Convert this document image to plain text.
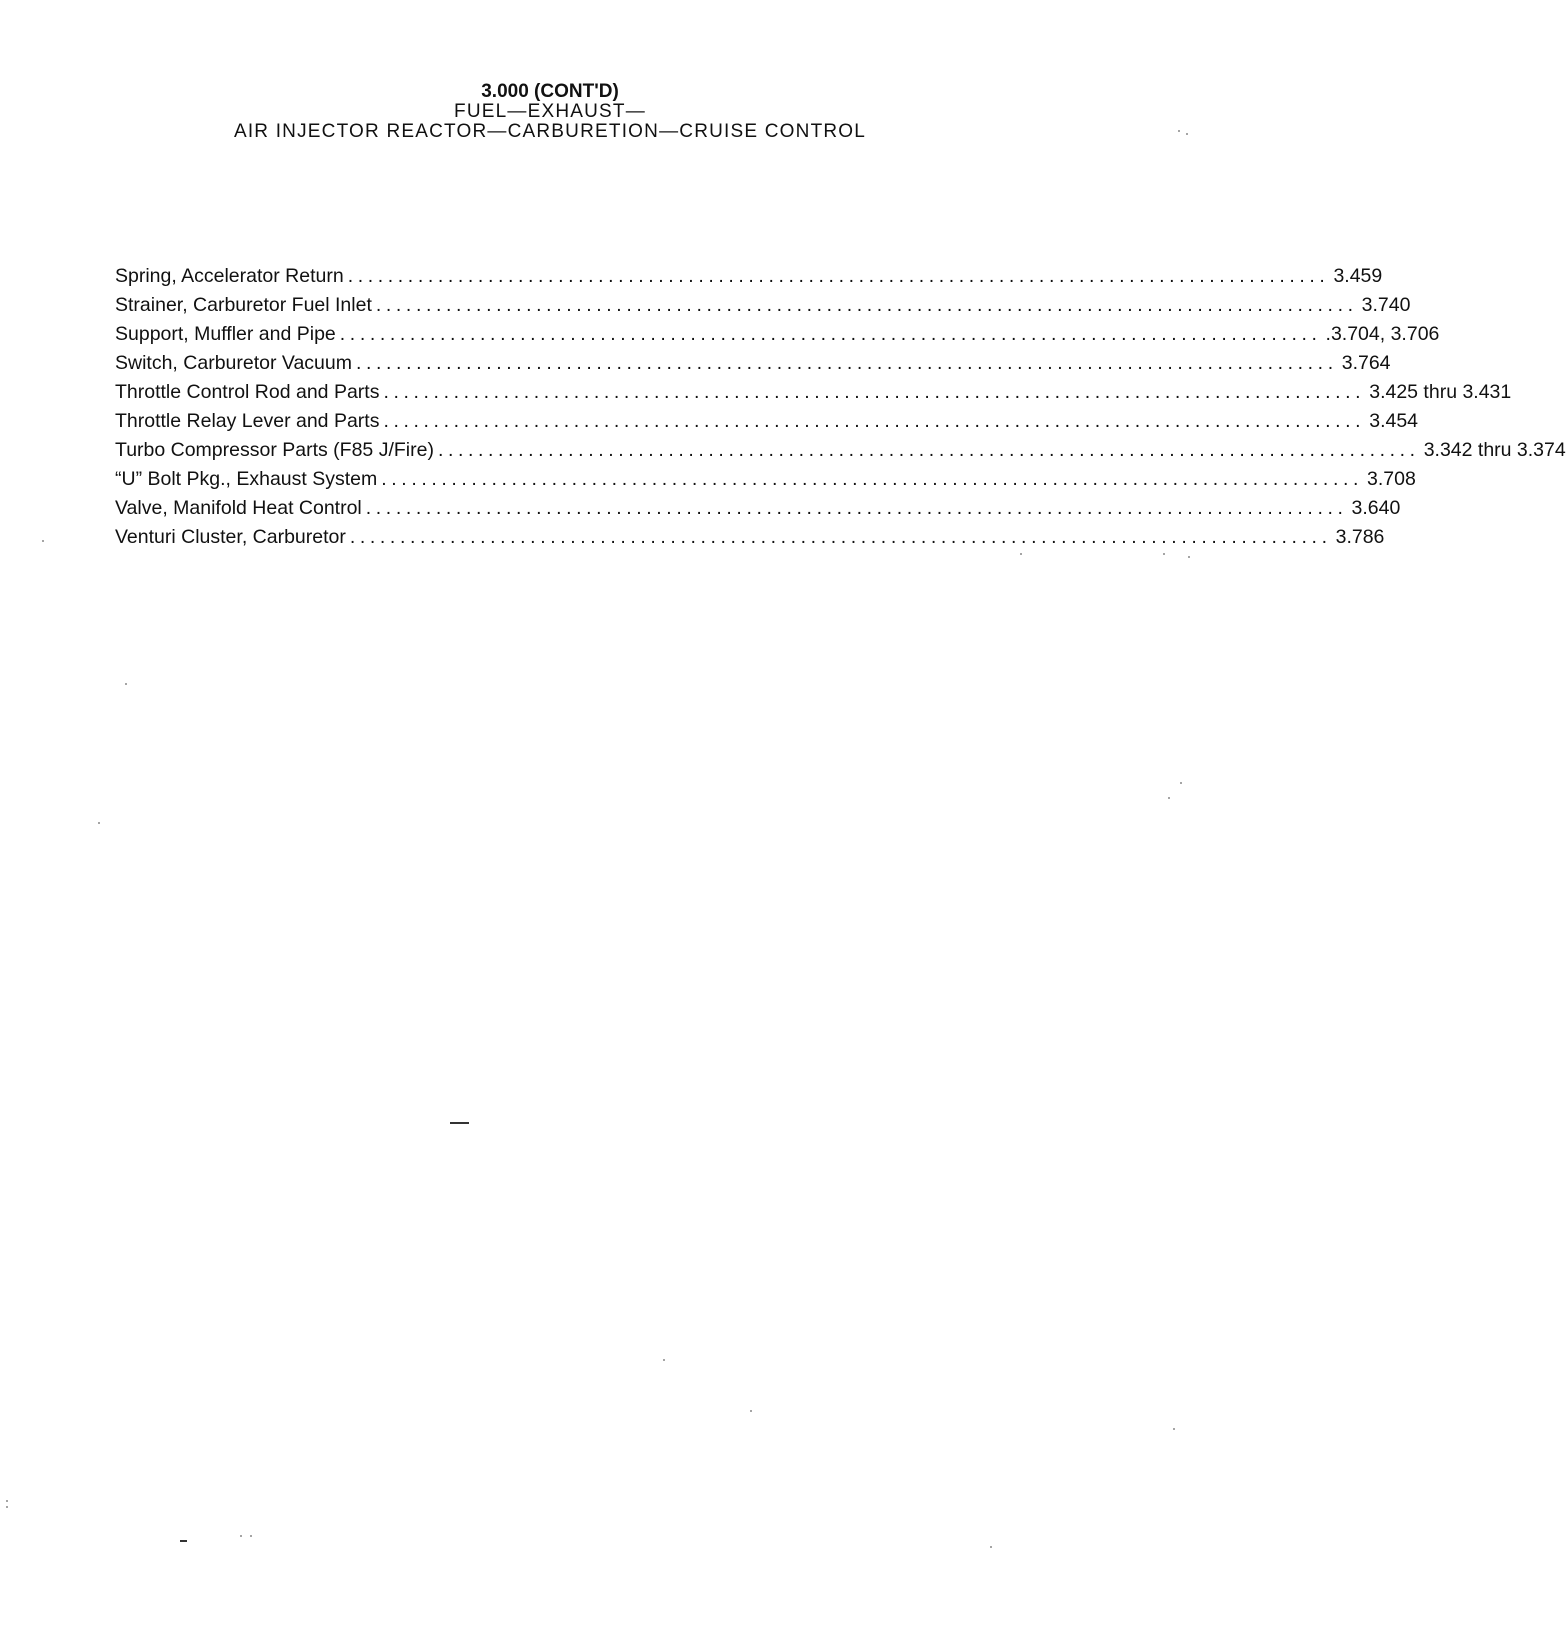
3.000 (CONT'D)
FUEL—EXHAUST—
AIR INJECTOR REACTOR—CARBURETION—CRUISE CONTROL
Spring, Accelerator Return .................................................................................................. 3.459
Strainer, Carburetor Fuel Inlet .................................................................................................. 3.740
Support, Muffler and Pipe .................................................................................................. .3.704, 3.706
Switch, Carburetor Vacuum .................................................................................................. 3.764
Throttle Control Rod and Parts .................................................................................................. 3.425 thru 3.431
Throttle Relay Lever and Parts .................................................................................................. 3.454
Turbo Compressor Parts (F85 J/Fire) .................................................................................................. 3.342 thru 3.374
“U” Bolt Pkg., Exhaust System .................................................................................................. 3.708
Valve, Manifold Heat Control .................................................................................................. 3.640
Venturi Cluster, Carburetor .................................................................................................. 3.786
